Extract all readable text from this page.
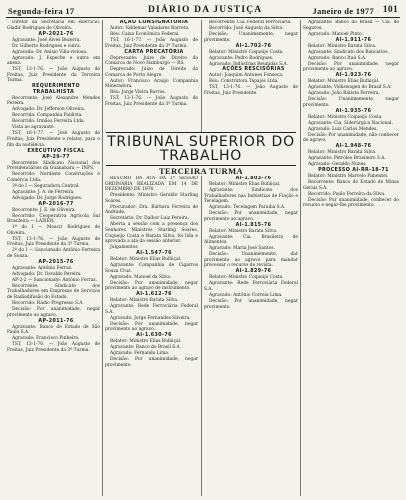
Segunda-feira 17	DIÁRIO DA JUSTIÇA	Janeiro de 1977 101

Diretor da Secretaria em exercício, Gladir Rodrigues de Oliveira.

AP-2021-76

Agravante: José Alves Bezerra.

Dr. Gilberto Rodrigues e outra.

Agravado: Dr. Anisio Villa-viciosa.

Agravado: J. Espeche e outra em anexo.

TST, 13-1-76. — João Augusto de Freitas, Juiz Presidente da Terceira Turma.

REQUERIMENTO TRABALHISTA

Recorrente: José Alexandre Mendes Pereira.

Advogado: Dr. Jefferson Oliveira.

Recorrida: Companhia Paulista.

Recorrido: Irmãos Ferreira Ltda.

Vista ao agravante.

TST, 16-1-77. — José Augusto de Freitas, Juiz Presidente e relator, para o fim da audiência.

EXECUTIVO FISCAL

AP-29-77

Recorrente: Sindicato Nacional dos Previdenciários da Guanabara — INPS.

Recorrido: Nordeste Construções e Comércio Ltda.

3º do I — Seguradora Central.

Agravante: J. A. de Ferreira.

Advogado: Dr. Jorge Rodrigues.

AP-2016-77

Recorrente: J. E. de Oliveira.

Recorrido: Cooperativa Agrícola Sul Brasileira — LAZIER.

1º do I — Moacir Rodrigues de Oliveira.

TST, 13-1-76. — João Augusto de Freitas, Juiz Presidente da 3ª Turma.

2º do I — Sancionado Antônio Ferreira de Souza.

AP-2015-76

Agravante: Antônio Ferraz.

Advogado: Dr. Osvaldo Pereira.

AP-2-2 — Sancionado: Antônio Ferraz.

Recorrente: Sindicato dos Trabalhadores em Empresas de Serviços de Radiodifusão do Estado.

Recorrido: Rádio Progresso S.A.

Decisão: Por unanimidade, negar provimento ao agravo.

AP-2011-76

Agravante: Banco do Estado de São Paulo S.A.

Agravado: Francisco Pinheiro.

TST, 13-1-76. — João Augusto de Freitas, Juiz Presidente da 3ª Turma.

AÇÃO CONSIGNATÓRIA

Autor: Valdemar Valadares Barreto.

Réu: Caixa Econômica Federal.

TST, 16-1-77. — João Augusto de Freitas, Juiz Presidente da 3ª Turma.

CARTA PRECATÓRIA

Deprecante: Juízo de Direito da Comarca de Novo Hamburgo — RS.

Deprecado: Juízo de Direito da Comarca de Porto Alegre.

Autor: Francisco Araújo Companhia Mineradora.

Réu: Jorge Vieira Barros.

TST, 13-1-76. — João Augusto de Freitas, Juiz Presidente da 3ª Turma.

Recorrente: Cia. Federal Ferroviária.

Recorrido: José Augusto da Silva.

Decisão: Unanimemente, negar provimento.

AI-1.702-76

Relator: Ministro Coqueijo Costa.

Agravante: Pedro Rodrigues.

Agravado: Indústrias Reunidas S.A.

AÇÕES RESCISÓRIAS

Autor: Joaquim Antunes Fonseca.

Réu: Construtora Tapajós Ltda.

TST, 13-1-76. — João Augusto de Freitas, Juiz Presidente.

TRIBUNAL SUPERIOR DO TRABALHO
TERCEIRA TURMA

RESUMO DA ATA DA 1ª SESSÃO ORDINÁRIA REALIZADA EM 14 DE DEZEMBRO DE 1976.

Presidente: Ministro Geraldo Starling Soares.

Procurador: Dra. Bárbara Ferreira de Andrade.

Secretário: Dr. Dalbor Luiz Pereira.

Aberta a sessão com a presença dos Senhores Ministros Starling Soares, Coqueijo Costa e Barata Silva, foi lida e aprovada a ata da sessão anterior.

Julgamentos

AI-1.547-76

Relator: Ministro Elias Bufáiçal.

Agravante: Companhia de Cigarros Souza Cruz.

Agravado: Manoel da Silva.

Decisão: Por unanimidade, negar provimento ao agravo de instrumento.

AI-1.612-76

Relator: Ministro Barata Silva.

Agravante: Rede Ferroviária Federal S.A.

Agravado: Jorge Fernandes Silveira.

Decisão: Por unanimidade, negar provimento ao agravo.

AI-1.630-76

Relator: Ministro Elias Bufáiçal.

Agravante: Banco do Brasil S.A.

Agravado: Fernando Lima.

Decisão: Por unanimidade, negar provimento.

AI-1.803-76

Relator: Ministro Elias Bufáiçal.

Agravante: Sindicato dos Trabalhadores nas Indústrias de Fiação e Tecelagem.

Agravado: Tecelagem Paraíba S.A.

Decisão: Por unanimidade, negar provimento ao agravo.

AI-1.815-76

Relator: Ministro Barata Silva.

Agravante: Cia. Brasileira de Alimentos.

Agravado: Maria José Santos.

Decisão: Unanimemente, dar provimento ao agravo para mandar processar o recurso de revista.

AI-1.829-76

Relator: Ministro Coqueijo Costa.

Agravante: Rede Ferroviária Federal S.A.

Agravado: Antônio Correia Lima.

Decisão: Por unanimidade, negar provimento.

Agravante: Banco do Brasil — Cia. de Seguros.

Agravado: Manoel Pinto.

AI-1.911-76

Relator: Ministro Barata Silva.

Agravante: Sindicato dos Bancários.

Agravado: Banco Itaú S.A.

Decisão: Por unanimidade, negar provimento ao agravo.

AI-1.923-76

Relator: Ministro Elias Bufáiçal.

Agravante: Volkswagen do Brasil S.A.

Agravado: João Batista Ferreira.

Decisão: Unanimemente, negar provimento.

AI-1.935-76

Relator: Ministro Coqueijo Costa.

Agravante: Cia. Siderúrgica Nacional.

Agravado: Luiz Carlos Mendes.

Decisão: Por unanimidade, não conhecer do agravo.

AI-1.948-76

Relator: Ministro Barata Silva.

Agravante: Petróleo Brasileiro S.A.

Agravado: Geraldo Nunes.

PROCESSO AI-RR-18-71

Relator: Ministro Marcelo Pimentel.

Recorrente: Banco do Estado de Minas Gerais S.A.

Recorrido: Paulo Ferreira da Silva.

Decisão: Por unanimidade, conhecer do recurso e negar-lhe provimento.
